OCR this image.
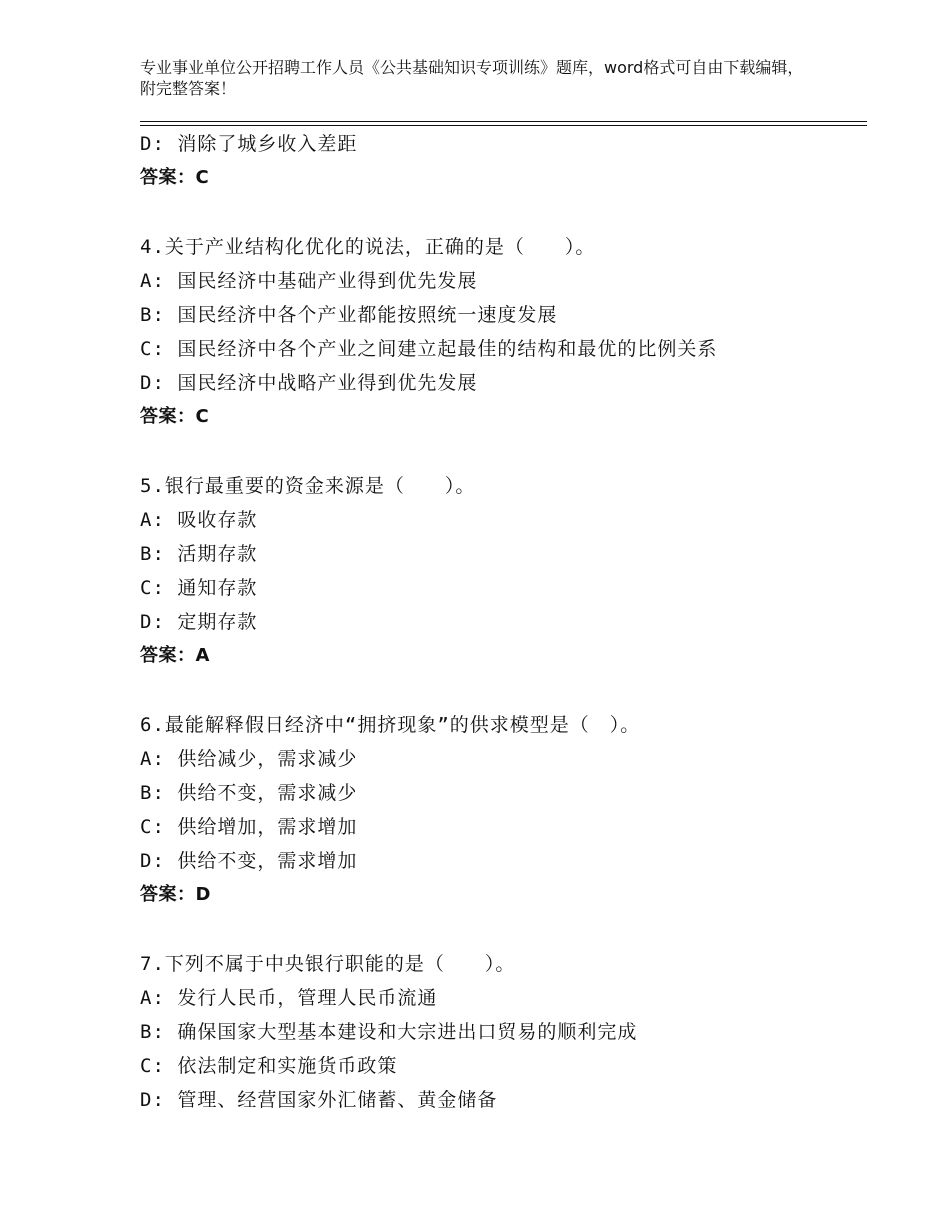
专业事业单位公开招聘工作人员《公共基础知识专项训练》题库，word格式可自由下载编辑，附完整答案！
D: 消除了城乡收入差距
答案：C
4.关于产业结构化优化的说法，正确的是（　　）。
A: 国民经济中基础产业得到优先发展
B: 国民经济中各个产业都能按照统一速度发展
C: 国民经济中各个产业之间建立起最佳的结构和最优的比例关系
D: 国民经济中战略产业得到优先发展
答案：C
5.银行最重要的资金来源是（　　）。
A: 吸收存款
B: 活期存款
C: 通知存款
D: 定期存款
答案：A
6.最能解释假日经济中“拥挤现象”的供求模型是（　）。
A: 供给减少，需求减少
B: 供给不变，需求减少
C: 供给增加，需求增加
D: 供给不变，需求增加
答案：D
7.下列不属于中央银行职能的是（　　）。
A: 发行人民币，管理人民币流通
B: 确保国家大型基本建设和大宗进出口贸易的顺利完成
C: 依法制定和实施货币政策
D: 管理、经营国家外汇储蓄、黄金储备
